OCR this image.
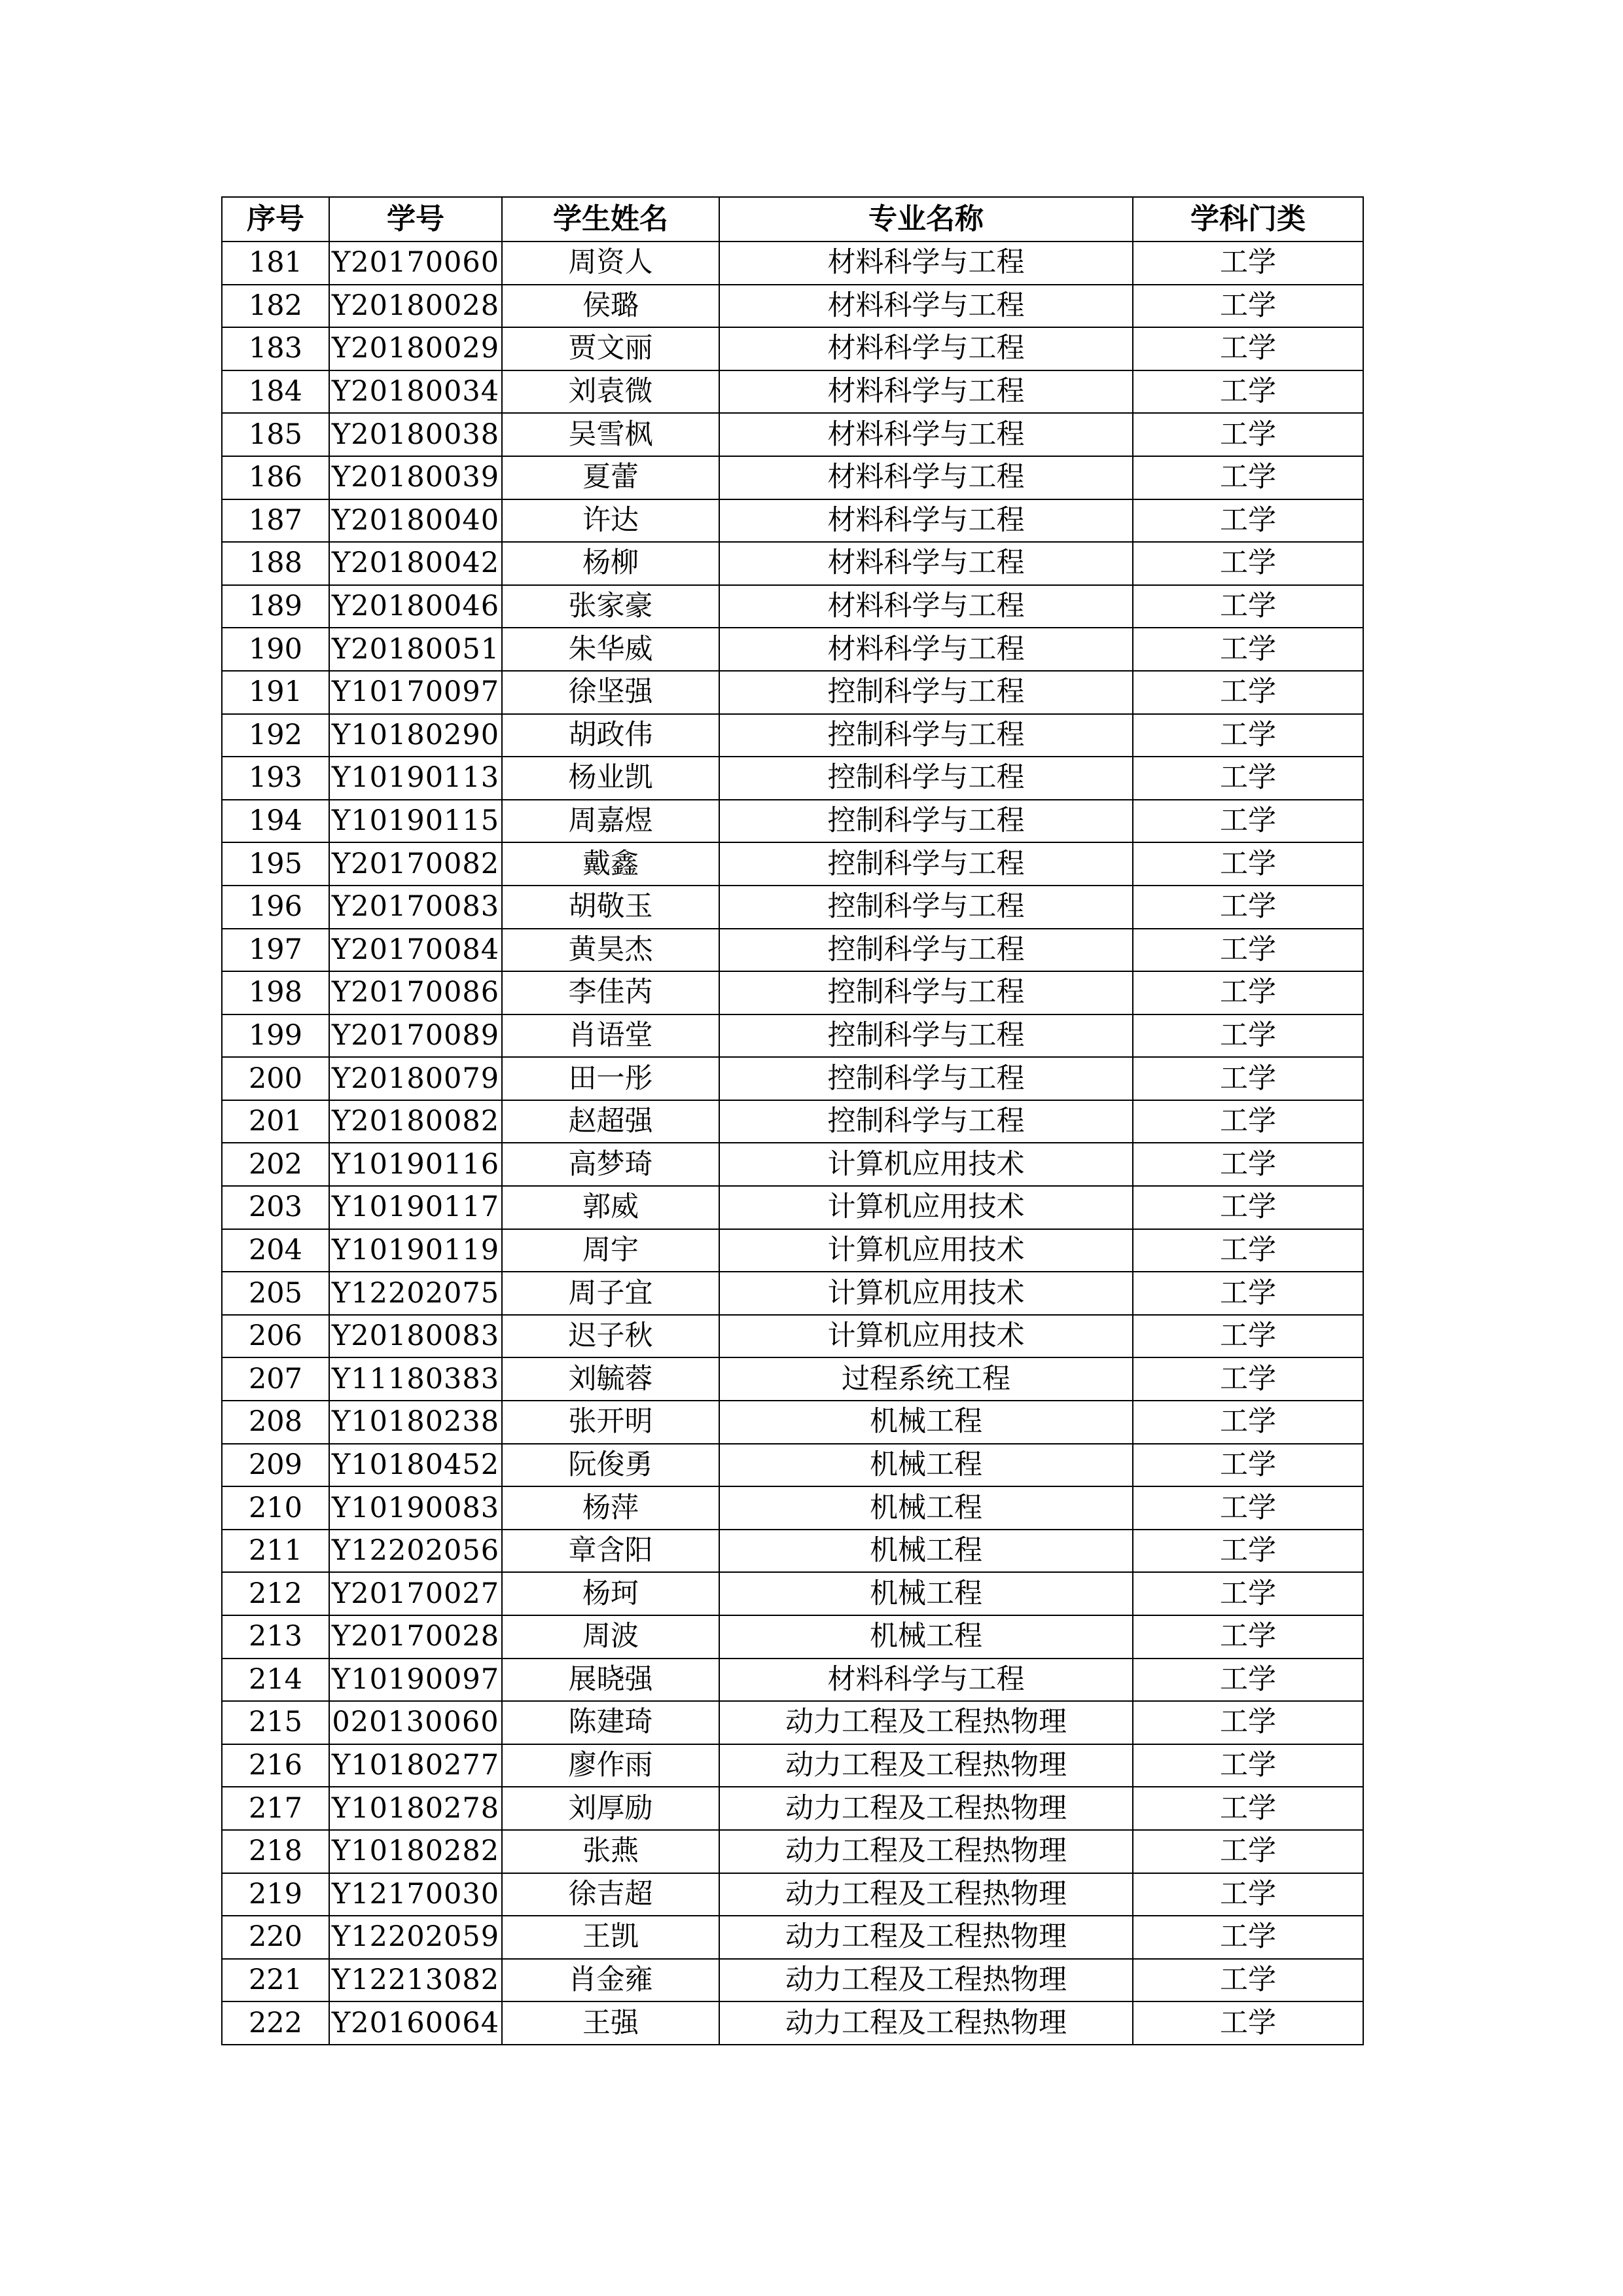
序号	学号	学生姓名	专业名称	学科门类
181	Y20170060	周资人	材料科学与工程	工学
182	Y20180028	侯璐	材料科学与工程	工学
183	Y20180029	贾文丽	材料科学与工程	工学
184	Y20180034	刘袁微	材料科学与工程	工学
185	Y20180038	吴雪枫	材料科学与工程	工学
186	Y20180039	夏蕾	材料科学与工程	工学
187	Y20180040	许达	材料科学与工程	工学
188	Y20180042	杨柳	材料科学与工程	工学
189	Y20180046	张家豪	材料科学与工程	工学
190	Y20180051	朱华威	材料科学与工程	工学
191	Y10170097	徐坚强	控制科学与工程	工学
192	Y10180290	胡政伟	控制科学与工程	工学
193	Y10190113	杨业凯	控制科学与工程	工学
194	Y10190115	周嘉煜	控制科学与工程	工学
195	Y20170082	戴鑫	控制科学与工程	工学
196	Y20170083	胡敬玉	控制科学与工程	工学
197	Y20170084	黄昊杰	控制科学与工程	工学
198	Y20170086	李佳芮	控制科学与工程	工学
199	Y20170089	肖语堂	控制科学与工程	工学
200	Y20180079	田一彤	控制科学与工程	工学
201	Y20180082	赵超强	控制科学与工程	工学
202	Y10190116	高梦琦	计算机应用技术	工学
203	Y10190117	郭威	计算机应用技术	工学
204	Y10190119	周宇	计算机应用技术	工学
205	Y12202075	周子宜	计算机应用技术	工学
206	Y20180083	迟子秋	计算机应用技术	工学
207	Y11180383	刘毓蓉	过程系统工程	工学
208	Y10180238	张开明	机械工程	工学
209	Y10180452	阮俊勇	机械工程	工学
210	Y10190083	杨萍	机械工程	工学
211	Y12202056	章含阳	机械工程	工学
212	Y20170027	杨珂	机械工程	工学
213	Y20170028	周波	机械工程	工学
214	Y10190097	展晓强	材料科学与工程	工学
215	020130060	陈建琦	动力工程及工程热物理	工学
216	Y10180277	廖作雨	动力工程及工程热物理	工学
217	Y10180278	刘厚励	动力工程及工程热物理	工学
218	Y10180282	张燕	动力工程及工程热物理	工学
219	Y12170030	徐吉超	动力工程及工程热物理	工学
220	Y12202059	王凯	动力工程及工程热物理	工学
221	Y12213082	肖金雍	动力工程及工程热物理	工学
222	Y20160064	王强	动力工程及工程热物理	工学
